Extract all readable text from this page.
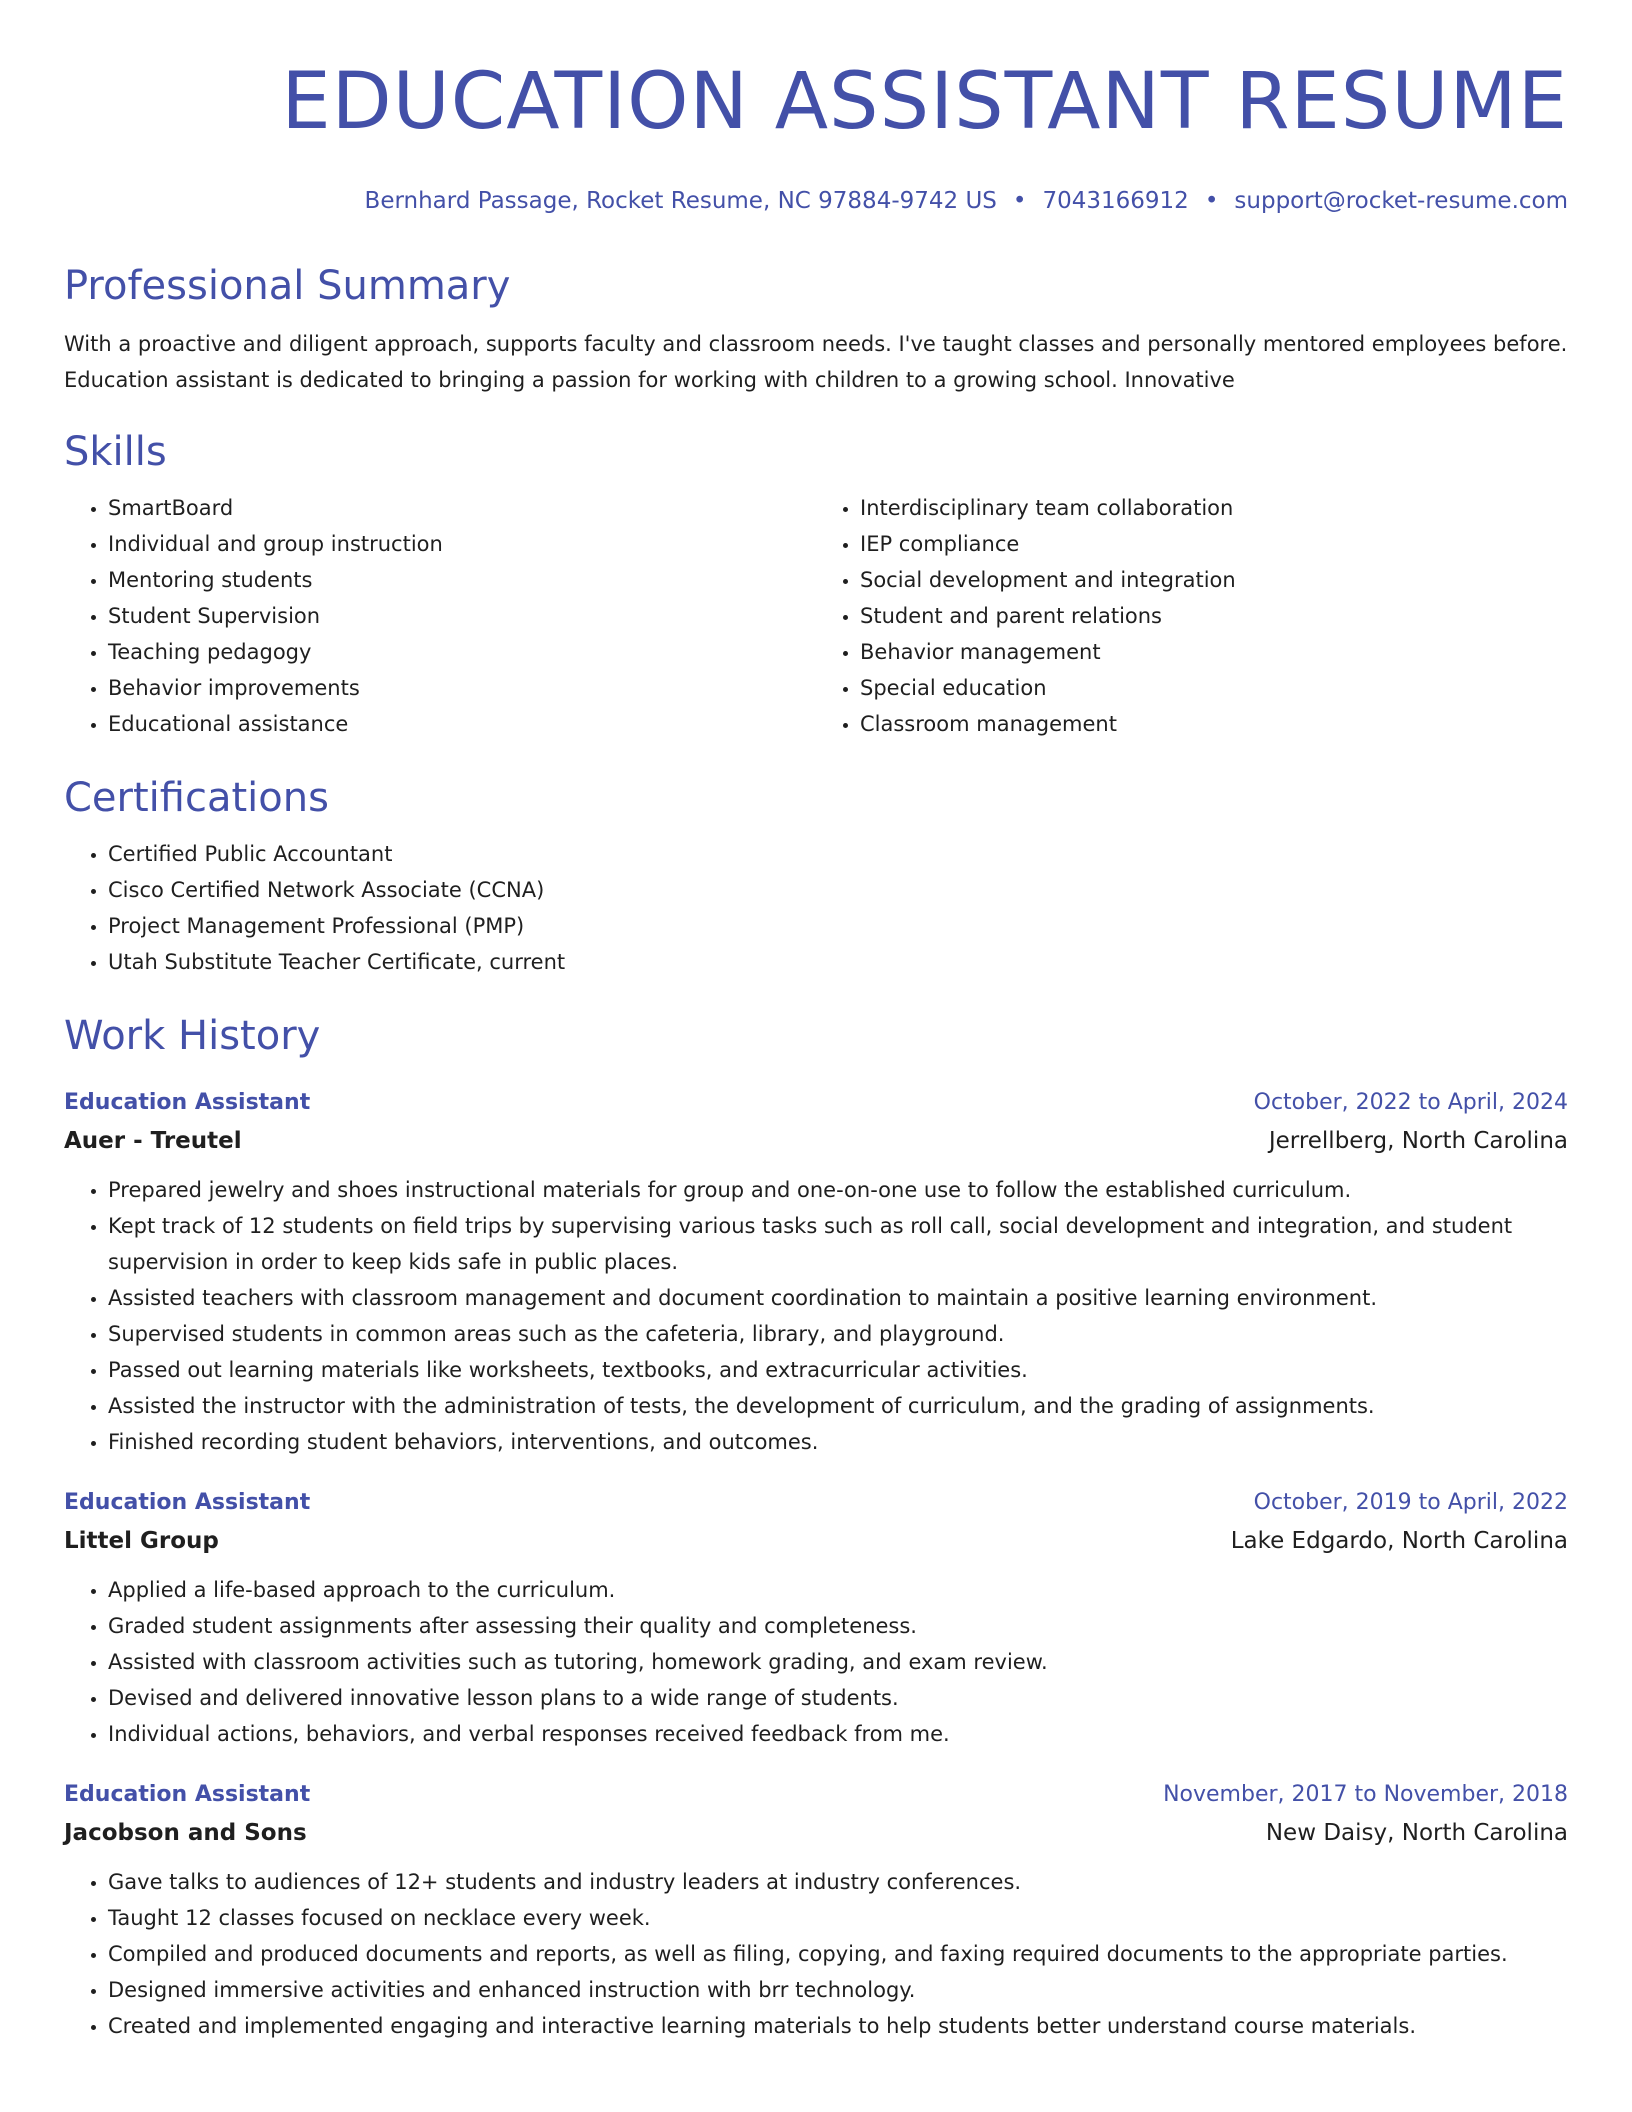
EDUCATION ASSISTANT RESUME
Bernhard Passage, Rocket Resume, NC 97884-9742 US • 7043166912 • support@rocket-resume.com
Professional Summary
With a proactive and diligent approach, supports faculty and classroom needs. I've taught classes and personally mentored employees before. Education assistant is dedicated to bringing a passion for working with children to a growing school. Innovative
Skills
• SmartBoard
• Individual and group instruction
• Mentoring students
• Student Supervision
• Teaching pedagogy
• Behavior improvements
• Educational assistance
• Interdisciplinary team collaboration
• IEP compliance
• Social development and integration
• Student and parent relations
• Behavior management
• Special education
• Classroom management
Certifications
• Certified Public Accountant
• Cisco Certified Network Associate (CCNA)
• Project Management Professional (PMP)
• Utah Substitute Teacher Certificate, current
Work History
Education Assistant	October, 2022 to April, 2024
Auer - Treutel	Jerrellberg, North Carolina
• Prepared jewelry and shoes instructional materials for group and one-on-one use to follow the established curriculum.
• Kept track of 12 students on field trips by supervising various tasks such as roll call, social development and integration, and student supervision in order to keep kids safe in public places.
• Assisted teachers with classroom management and document coordination to maintain a positive learning environment.
• Supervised students in common areas such as the cafeteria, library, and playground.
• Passed out learning materials like worksheets, textbooks, and extracurricular activities.
• Assisted the instructor with the administration of tests, the development of curriculum, and the grading of assignments.
• Finished recording student behaviors, interventions, and outcomes.
Education Assistant	October, 2019 to April, 2022
Littel Group	Lake Edgardo, North Carolina
• Applied a life-based approach to the curriculum.
• Graded student assignments after assessing their quality and completeness.
• Assisted with classroom activities such as tutoring, homework grading, and exam review.
• Devised and delivered innovative lesson plans to a wide range of students.
• Individual actions, behaviors, and verbal responses received feedback from me.
Education Assistant	November, 2017 to November, 2018
Jacobson and Sons	New Daisy, North Carolina
• Gave talks to audiences of 12+ students and industry leaders at industry conferences.
• Taught 12 classes focused on necklace every week.
• Compiled and produced documents and reports, as well as filing, copying, and faxing required documents to the appropriate parties.
• Designed immersive activities and enhanced instruction with brr technology.
• Created and implemented engaging and interactive learning materials to help students better understand course materials.
